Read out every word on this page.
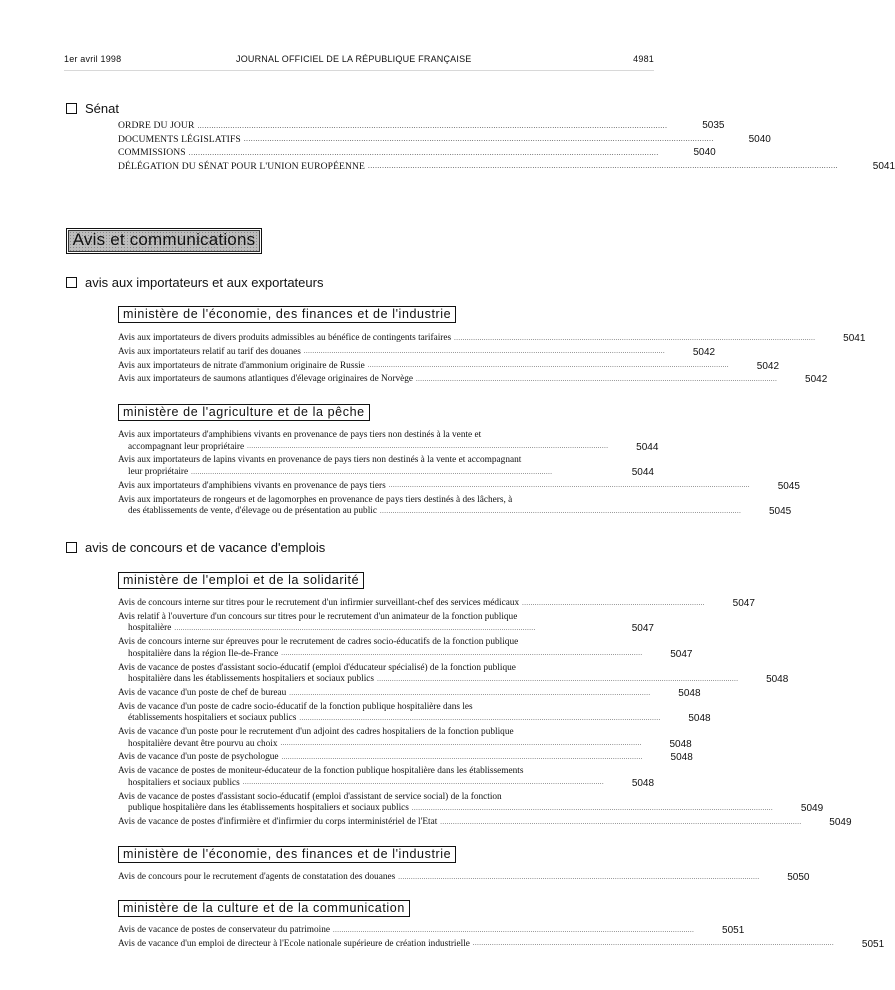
1er avril 1998	JOURNAL OFFICIEL DE LA RÉPUBLIQUE FRANÇAISE	4981
Sénat
ORDRE DU JOUR ........................................................................................................................................................................................................	5035
DOCUMENTS LÉGISLATIFS ........................................................................................................................................................................................................	5040
COMMISSIONS ........................................................................................................................................................................................................	5040
DÉLÉGATION DU SÉNAT POUR L'UNION EUROPÉENNE ........................................................................................................................................................................................................	5041
Avis et communications
avis aux importateurs et aux exportateurs
ministère de l'économie, des finances et de l'industrie
Avis aux importateurs de divers produits admissibles au bénéfice de contingents tarifaires ..........................................................................................................................................................................	5041
Avis aux importateurs relatif au tarif des douanes ..........................................................................................................................................................................	5042
Avis aux importateurs de nitrate d'ammonium originaire de Russie ..........................................................................................................................................................................	5042
Avis aux importateurs de saumons atlantiques d'élevage originaires de Norvège ..........................................................................................................................................................................	5042
ministère de l'agriculture et de la pêche
Avis aux importateurs d'amphibiens vivants en provenance de pays tiers non destinés à la vente et
accompagnant leur propriétaire ..........................................................................................................................................................................	5044
Avis aux importateurs de lapins vivants en provenance de pays tiers non destinés à la vente et accompagnant
leur propriétaire ..........................................................................................................................................................................	5044
Avis aux importateurs d'amphibiens vivants en provenance de pays tiers ..........................................................................................................................................................................	5045
Avis aux importateurs de rongeurs et de lagomorphes en provenance de pays tiers destinés à des lâchers, à
des établissements de vente, d'élevage ou de présentation au public ..........................................................................................................................................................................	5045
avis de concours et de vacance d'emplois
ministère de l'emploi et de la solidarité
Avis de concours interne sur titres pour le recrutement d'un infirmier surveillant-chef des services médicaux ......................................................................................	5047
Avis relatif à l'ouverture d'un concours sur titres pour le recrutement d'un animateur de la fonction publique
hospitalière ..........................................................................................................................................................................	5047
Avis de concours interne sur épreuves pour le recrutement de cadres socio-éducatifs de la fonction publique
hospitalière dans la région Ile-de-France ..........................................................................................................................................................................	5047
Avis de vacance de postes d'assistant socio-éducatif (emploi d'éducateur spécialisé) de la fonction publique
hospitalière dans les établissements hospitaliers et sociaux publics ..........................................................................................................................................................................	5048
Avis de vacance d'un poste de chef de bureau ..........................................................................................................................................................................	5048
Avis de vacance d'un poste de cadre socio-éducatif de la fonction publique hospitalière dans les
établissements hospitaliers et sociaux publics ..........................................................................................................................................................................	5048
Avis de vacance d'un poste pour le recrutement d'un adjoint des cadres hospitaliers de la fonction publique
hospitalière devant être pourvu au choix ..........................................................................................................................................................................	5048
Avis de vacance d'un poste de psychologue ..........................................................................................................................................................................	5048
Avis de vacance de postes de moniteur-éducateur de la fonction publique hospitalière dans les établissements
hospitaliers et sociaux publics ..........................................................................................................................................................................	5048
Avis de vacance de postes d'assistant socio-éducatif (emploi d'assistant de service social) de la fonction
publique hospitalière dans les établissements hospitaliers et sociaux publics ..........................................................................................................................................................................	5049
Avis de vacance de postes d'infirmière et d'infirmier du corps interministériel de l'Etat ..........................................................................................................................................................................	5049
ministère de l'économie, des finances et de l'industrie
Avis de concours pour le recrutement d'agents de constatation des douanes ..........................................................................................................................................................................	5050
ministère de la culture et de la communication
Avis de vacance de postes de conservateur du patrimoine ..........................................................................................................................................................................	5051
Avis de vacance d'un emploi de directeur à l'Ecole nationale supérieure de création industrielle ..........................................................................................................................................................................	5051
